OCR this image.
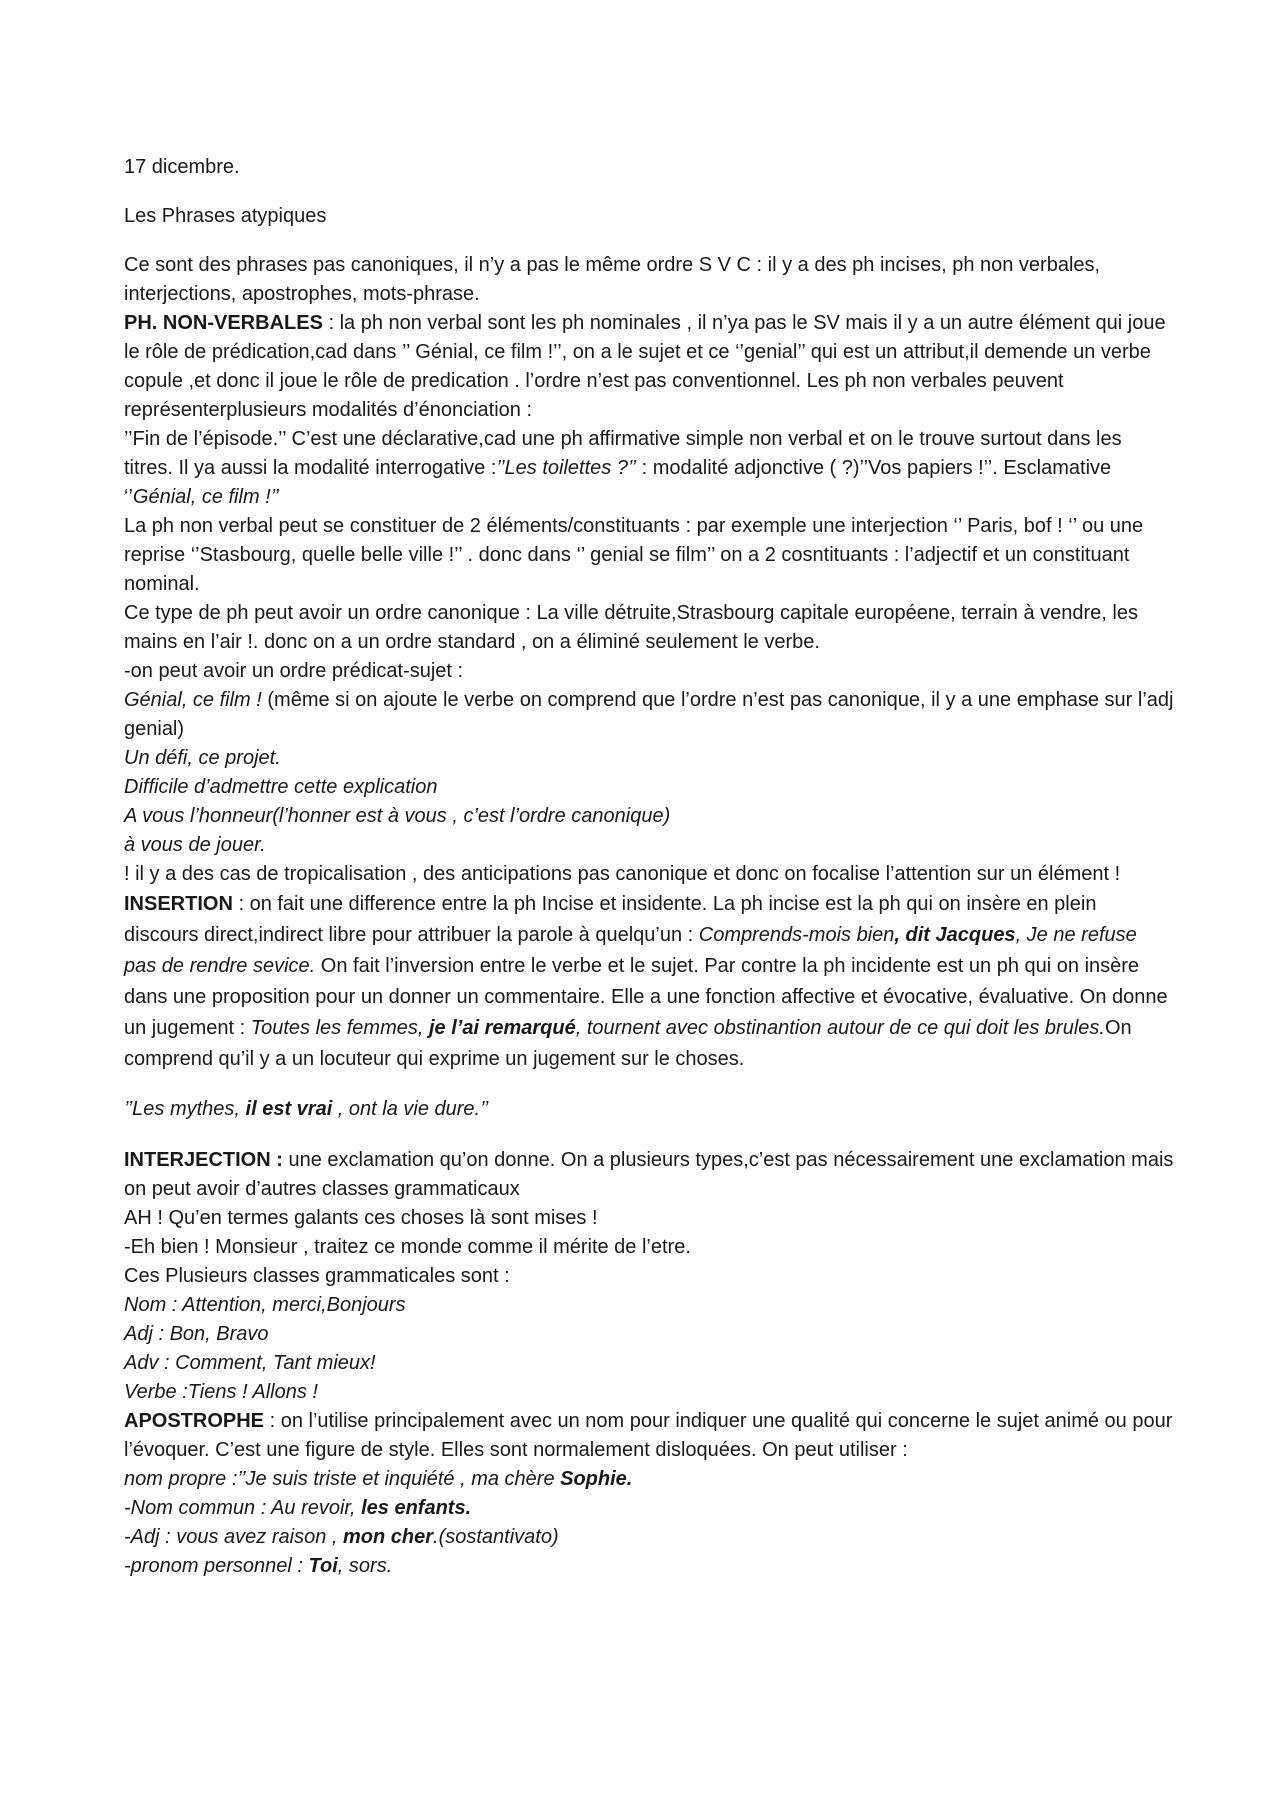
17 dicembre.

Les Phrases atypiques

Ce sont des phrases pas canoniques, il n’y a pas le même ordre S V C : il y a des ph incises, ph non verbales, interjections, apostrophes, mots-phrase.

PH. NON-VERBALES : la ph non verbal sont les ph nominales , il n’ya pas le SV mais il y a un autre élément qui joue le rôle de prédication,cad dans ’’ Génial, ce film !’’, on a le sujet et ce ‘’genial’’ qui est un attribut,il demende un verbe copule ,et donc il joue le rôle de predication . l’ordre n’est pas conventionnel. Les ph non verbales peuvent représenterplusieurs modalités d’énonciation :

’’Fin de l’épisode.’’ C’est une déclarative,cad une ph affirmative simple non verbal et on le trouve surtout dans les titres. Il ya aussi la modalité interrogative :’’Les toilettes ?’’ : modalité adjonctive ( ?)’’Vos papiers !’’. Esclamative ‘’Génial, ce film !’’

La ph non verbal peut se constituer de 2 éléments/constituants : par exemple une interjection ‘’ Paris, bof ! ‘’ ou une reprise ‘’Stasbourg, quelle belle ville !’’ . donc dans ‘’ genial se film’’ on a 2 cosntituants : l’adjectif et un constituant nominal.

Ce type de ph peut avoir un ordre canonique : La ville détruite,Strasbourg capitale européene, terrain à vendre, les mains en l’air !. donc on a un ordre standard , on a éliminé seulement le verbe.

-on peut avoir un ordre prédicat-sujet :

Génial, ce film ! (même si on ajoute le verbe on comprend que l’ordre n’est pas canonique, il y a une emphase sur l’adj genial)

Un défi, ce projet.

Difficile d’admettre cette explication

A vous l’honneur(l’honner est à vous , c’est l’ordre canonique)

à vous de jouer.

! il y a des cas de tropicalisation , des anticipations pas canonique et donc on focalise l’attention sur un élément !

INSERTION : on fait une difference entre la ph Incise et insidente. La ph incise est la ph qui on insère en plein discours direct,indirect libre pour attribuer la parole à quelqu’un : Comprends-mois bien, dit Jacques, Je ne refuse pas de rendre sevice. On fait l’inversion entre le verbe et le sujet. Par contre la ph incidente est un ph qui on insère dans une proposition pour un donner un commentaire. Elle a une fonction affective et évocative, évaluative. On donne un jugement : Toutes les femmes, je l’ai remarqué, tournent avec obstinantion autour de ce qui doit les brules.On comprend qu’il y a un locuteur qui exprime un jugement sur le choses.

’’Les mythes, il est vrai , ont la vie dure.’’

INTERJECTION : une exclamation qu’on donne. On a plusieurs types,c’est pas nécessairement une exclamation mais on peut avoir d’autres classes grammaticaux

AH ! Qu’en termes galants ces choses là sont mises !

-Eh bien ! Monsieur , traitez ce monde comme il mérite de l’etre.

Ces Plusieurs classes grammaticales sont :

Nom : Attention, merci,Bonjours

Adj : Bon, Bravo

Adv : Comment, Tant mieux!

Verbe :Tiens ! Allons !

APOSTROPHE : on l’utilise principalement avec un nom pour indiquer une qualité qui concerne le sujet animé ou pour l’évoquer. C’est une figure de style. Elles sont normalement disloquées. On peut utiliser :

nom propre :’’Je suis triste et inquiété , ma chère Sophie.

-Nom commun : Au revoir, les enfants.

-Adj : vous avez raison , mon cher.(sostantivato)

-pronom personnel : Toi, sors.
